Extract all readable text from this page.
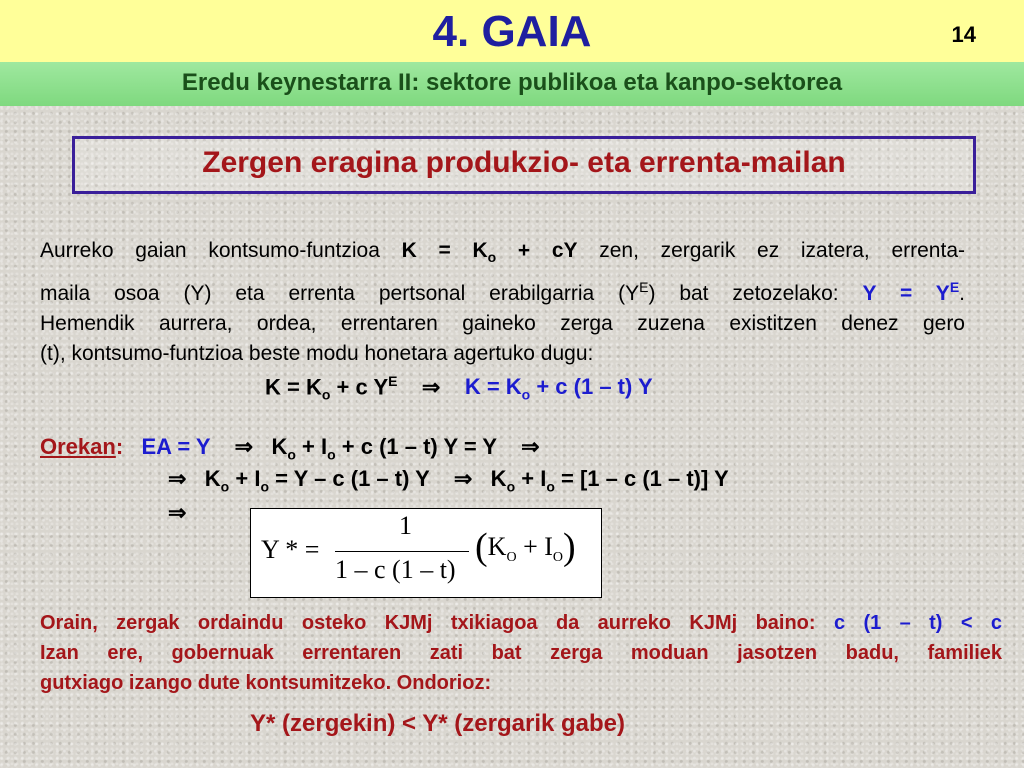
4. GAIA	14
Eredu keynestarra II: sektore publikoa eta kanpo-sektorea
Zergen eragina produkzio- eta errenta-mailan

Aurreko gaian kontsumo-funtzioa $K = K_o$ + cY zen, zergarik ez izatera, errenta-

maila osoa (Y) eta errenta pertsonal erabilgarria $(Y^E)$ bat zetozelako: $Y = Y^E$.

Hemendik aurrera, ordea, errentaren gaineko zerga zuzena existitzen denez gero

(t), kontsumo-funtzioa beste modu honetara agertuko dugu:

$K = K_o + c$ $Y^E$ ⇒ $K = K_o + c$ (1 – t) Y
Orekan: EA = Y ⇒ $K_o + I_o + c$ (1 – t) Y = Y ⇒
⇒ $K_o + I_o = Y - c$ (1 – t) Y ⇒ $K_o + I_o = [1 - c$ (1 – t)] Y
⇒
Y * =
1
1 – c (1 – t)
$(K_O + I_O)$

Orain, zergak ordaindu osteko KJMj txikiagoa da aurreko KJMj baino: c (1 – t) < c

Izan ere, gobernuak errentaren zati bat zerga moduan jasotzen badu, familiek

gutxiago izango dute kontsumitzeko. Ondorioz:

Y* (zergekin) < Y* (zergarik gabe)
